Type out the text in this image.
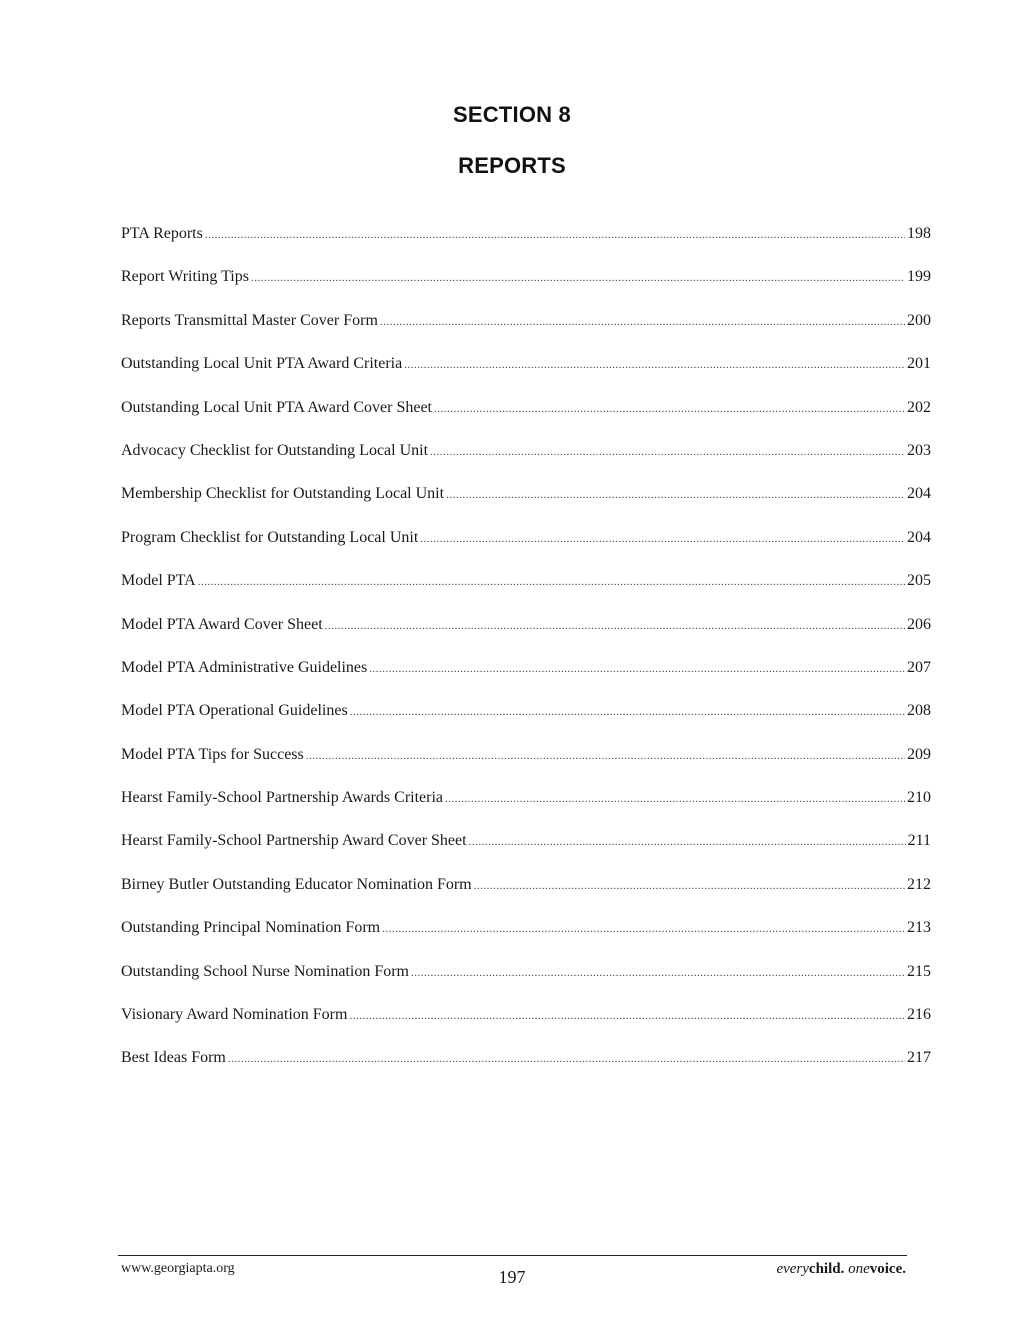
SECTION 8
REPORTS
PTA Reports .....	198
Report Writing Tips .....	199
Reports Transmittal Master Cover Form .....	200
Outstanding Local Unit PTA Award Criteria .....	201
Outstanding Local Unit PTA Award Cover Sheet .....	202
Advocacy Checklist for Outstanding Local Unit .....	203
Membership Checklist for Outstanding Local Unit .....	204
Program Checklist for Outstanding Local Unit .....	204
Model PTA .....	205
Model PTA Award Cover Sheet .....	206
Model PTA Administrative Guidelines .....	207
Model PTA Operational Guidelines .....	208
Model PTA Tips for Success .....	209
Hearst Family-School Partnership Awards Criteria .....	210
Hearst Family-School Partnership Award Cover Sheet .....	211
Birney Butler Outstanding Educator Nomination Form .....	212
Outstanding Principal Nomination Form .....	213
Outstanding School Nurse Nomination Form .....	215
Visionary Award Nomination Form .....	216
Best Ideas Form .....	217
www.georgiapta.org	197	everychild. onevoice.
